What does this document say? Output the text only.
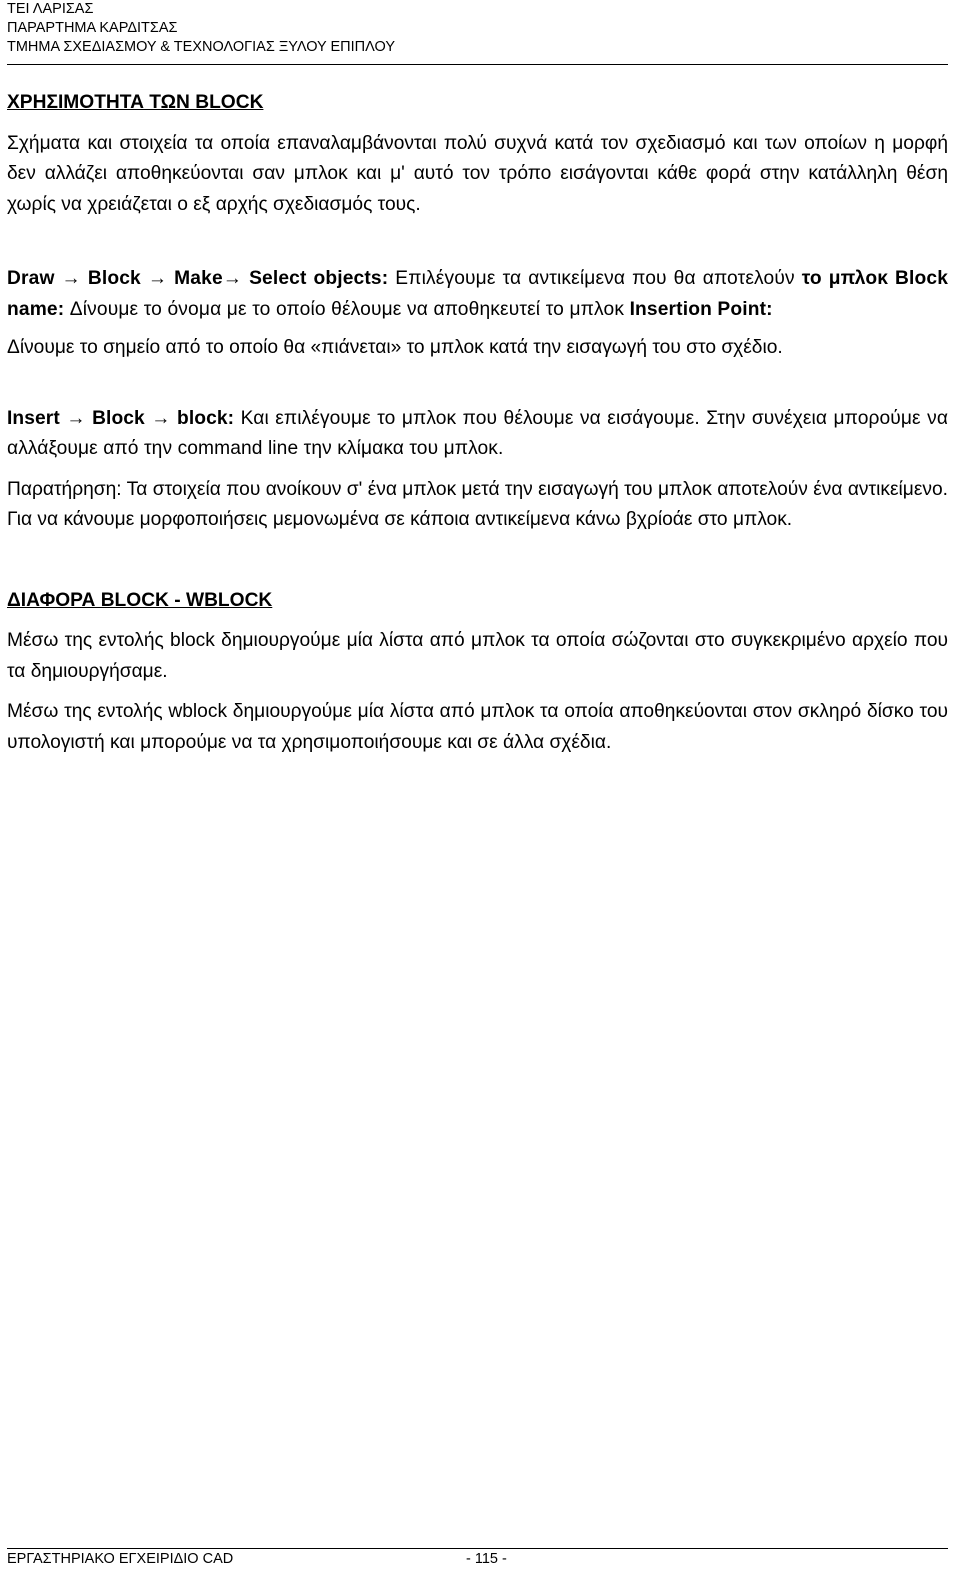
ΤΕΙ ΛΑΡΙΣΑΣ
ΠΑΡΑΡΤΗΜΑ ΚΑΡΔΙΤΣΑΣ
ΤΜΗΜΑ ΣΧΕΔΙΑΣΜΟΥ & ΤΕΧΝΟΛΟΓΙΑΣ ΞΥΛΟΥ ΕΠΙΠΛΟΥ

ΧΡΗΣΙΜΟΤΗΤΑ ΤΩΝ BLOCK

Σχήματα και στοιχεία τα οποία επαναλαμβάνονται πολύ συχνά κατά τον σχεδιασμό και των οποίων η μορφή δεν αλλάζει αποθηκεύονται σαν μπλοκ και μ' αυτό τον τρόπο εισάγονται κάθε φορά στην κατάλληλη θέση χωρίς να χρειάζεται ο εξ αρχής σχεδιασμός τους.

Draw → Block → Make→ Select objects: Επιλέγουμε τα αντικείμενα που θα αποτελούν το μπλοκ Block name: Δίνουμε το όνομα με το οποίο θέλουμε να αποθηκευτεί το μπλοκ Insertion Point:

Δίνουμε το σημείο από το οποίο θα «πιάνεται» το μπλοκ κατά την εισαγωγή του στο σχέδιο.

Insert → Block → block: Και επιλέγουμε το μπλοκ που θέλουμε να εισάγουμε. Στην συνέχεια μπορούμε να αλλάξουμε από την command line την κλίμακα του μπλοκ.

Παρατήρηση: Τα στοιχεία που ανοίκουν σ' ένα μπλοκ μετά την εισαγωγή του μπλοκ αποτελούν ένα αντικείμενο. Για να κάνουμε μορφοποιήσεις μεμονωμένα σε κάποια αντικείμενα κάνω βχρίοάε στο μπλοκ.

ΔΙΑΦΟΡΑ BLOCK - WBLOCK

Μέσω της εντολής block δημιουργούμε μία λίστα από μπλοκ τα οποία σώζονται στο συγκεκριμένο αρχείο που τα δημιουργήσαμε.

Μέσω της εντολής wblock δημιουργούμε μία λίστα από μπλοκ τα οποία αποθηκεύονται στον σκληρό δίσκο του υπολογιστή και μπορούμε να τα χρησιμοποιήσουμε και σε άλλα σχέδια.

ΕΡΓΑΣΤΗΡΙΑΚΟ ΕΓΧΕΙΡΙΔΙΟ CAD	- 115 -
